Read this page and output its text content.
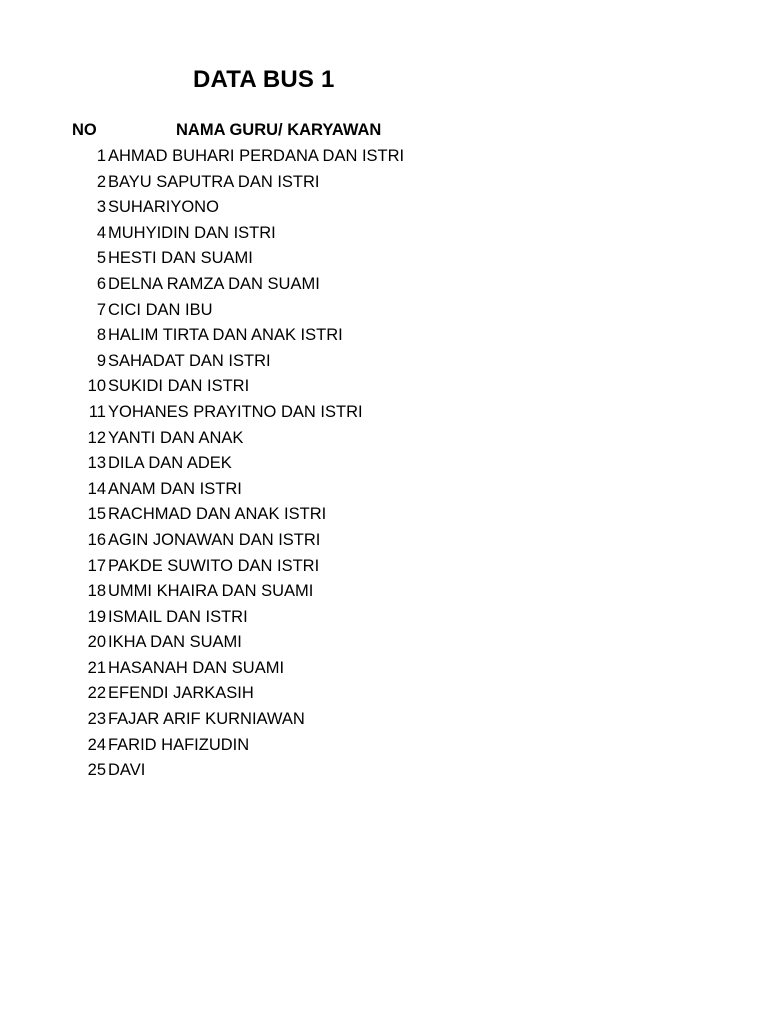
DATA BUS 1
NO	NAMA GURU/ KARYAWAN
1 AHMAD BUHARI PERDANA DAN ISTRI
2 BAYU SAPUTRA DAN ISTRI
3 SUHARIYONO
4 MUHYIDIN DAN ISTRI
5 HESTI DAN SUAMI
6 DELNA RAMZA DAN SUAMI
7 CICI DAN IBU
8 HALIM TIRTA DAN ANAK ISTRI
9 SAHADAT DAN ISTRI
10 SUKIDI DAN ISTRI
11 YOHANES PRAYITNO DAN ISTRI
12 YANTI DAN ANAK
13 DILA DAN ADEK
14 ANAM DAN ISTRI
15 RACHMAD DAN ANAK ISTRI
16 AGIN JONAWAN DAN ISTRI
17 PAKDE SUWITO DAN ISTRI
18 UMMI KHAIRA DAN SUAMI
19 ISMAIL DAN ISTRI
20 IKHA DAN SUAMI
21 HASANAH DAN SUAMI
22 EFENDI JARKASIH
23 FAJAR ARIF KURNIAWAN
24 FARID HAFIZUDIN
25 DAVI
